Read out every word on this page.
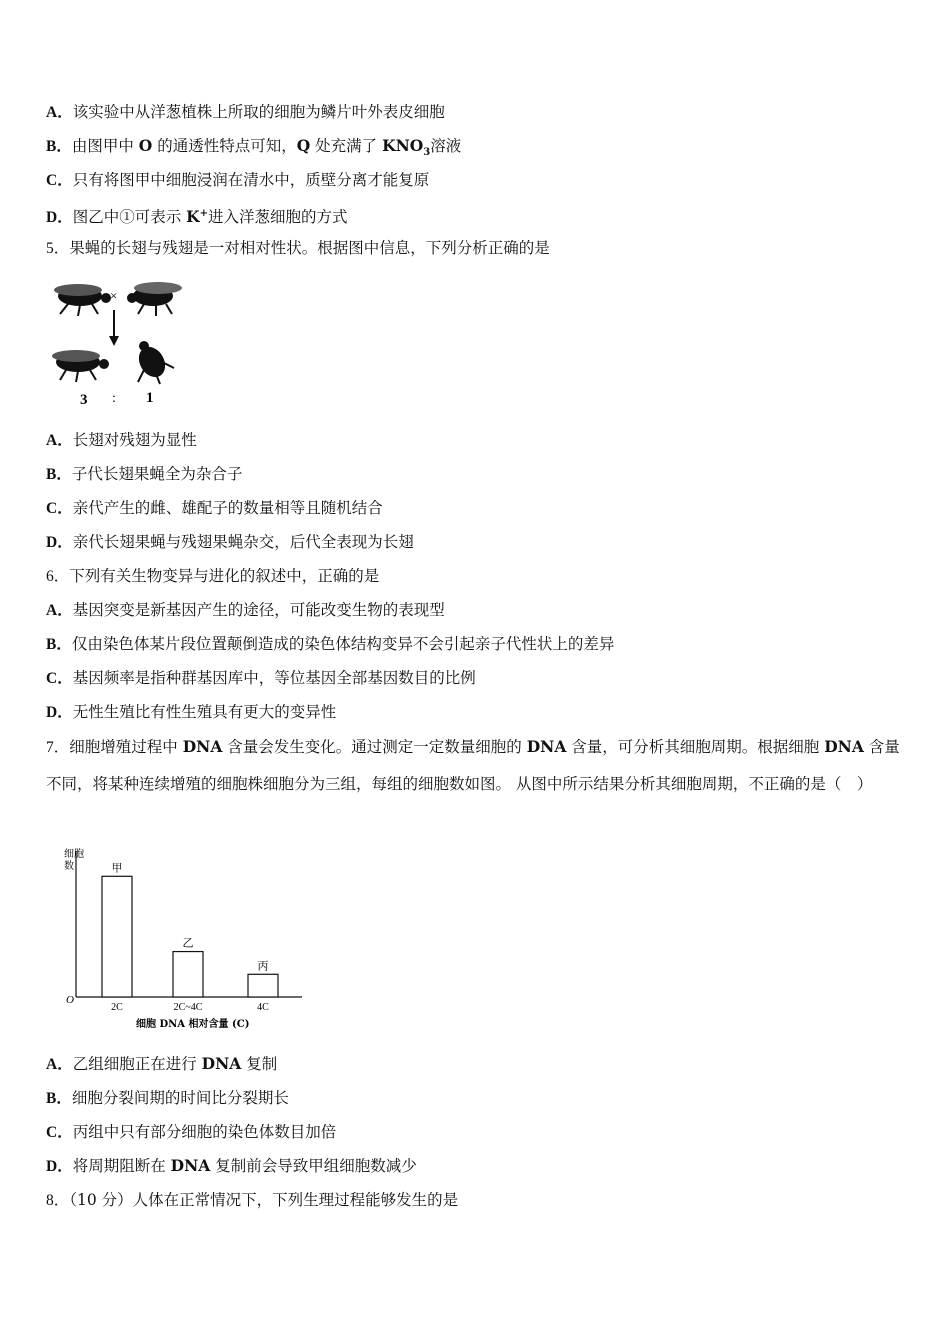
A．该实验中从洋葱植株上所取的细胞为鳞片叶外表皮细胞
B．由图甲中 O 的通透性特点可知，Q 处充满了 $KNO_3$溶液
C．只有将图甲中细胞浸润在清水中，质壁分离才能复原
D．图乙中①可表示 K+进入洋葱细胞的方式
5．果蝇的长翅与残翅是一对相对性状。根据图中信息，下列分析正确的是
×
3 : 1
A．长翅对残翅为显性
B．子代长翅果蝇全为杂合子
C．亲代产生的雌、雄配子的数量相等且随机结合
D．亲代长翅果蝇与残翅果蝇杂交，后代全表现为长翅
6．下列有关生物变异与进化的叙述中，正确的是
A．基因突变是新基因产生的途径，可能改变生物的表现型
B．仅由染色体某片段位置颠倒造成的染色体结构变异不会引起亲子代性状上的差异
C．基因频率是指种群基因库中，等位基因全部基因数目的比例
D．无性生殖比有性生殖具有更大的变异性
7．细胞增殖过程中 DNA 含量会发生变化。通过测定一定数量细胞的 DNA 含量，可分析其细胞周期。根据细胞 DNA 含量不同，将某种连续增殖的细胞株细胞分为三组，每组的细胞数如图。 从图中所示结果分析其细胞周期，不正确的是（　）
细胞
数
O
细胞 DNA 相对含量 (C)
甲
2C
乙
2C~4C
丙
4C
A．乙组细胞正在进行 DNA 复制
B．细胞分裂间期的时间比分裂期长
C．丙组中只有部分细胞的染色体数目加倍
D．将周期阻断在 DNA 复制前会导致甲组细胞数减少
8．（10 分）人体在正常情况下，下列生理过程能够发生的是
